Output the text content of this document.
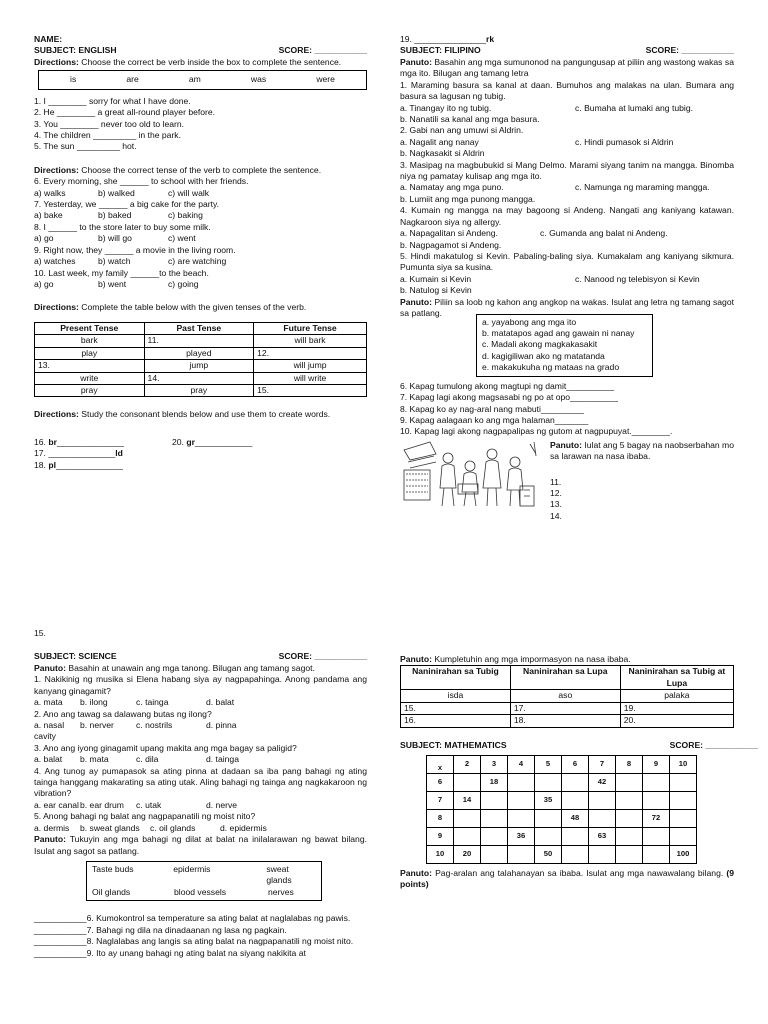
NAME:

SUBJECT: ENGLISH	SCORE: ___________

Directions: Choose the correct be verb inside the box to complete the sentence.

is	are	am	was	were

1. I ________ sorry for what I have done.

2. He ________ a great all-round player before.

3. You ________ never too old to learn.

4. The children _________ in the park.

5. The sun _________ hot.

Directions: Choose the correct tense of the verb to complete the sentence.

6. Every morning, she ______ to school with her friends.

a) walks	b) walked	c) will walk

7. Yesterday, we ______ a big cake for the party.

a) bake	b) baked	c) baking

8. I ______ to the store later to buy some milk.

a) go	b) will go	c) went

9. Right now, they ______ a movie in the living room.

a) watches	b) watch	c) are watching

10. Last week, my family ______to the beach.

a) go	b) went	c) going

Directions: Complete the table below with the given tenses of the verb.

Present Tense	Past Tense	Future Tense
bark	11.	will bark
play	played	12.
13.	jump	will jump
write	14.	will write
pray	pray	15.

Directions: Study the consonant blends below and use them to create words.

16. br______________	20. gr____________

17. ______________ld

18. pl______________

19. _______________rk

SUBJECT: FILIPINO	SCORE: ___________

Panuto: Basahin ang mga sumunonod na pangungusap at piliin ang wastong wakas sa mga ito. Bilugan ang tamang letra

1. Maraming basura sa kanal at daan. Bumuhos ang malakas na ulan. Bumara ang basura sa lagusan ng tubig.

a. Tinangay ito ng tubig.	c. Bumaha at lumaki ang tubig.

b. Nanatili sa kanal ang mga basura.

2. Gabi nan ang umuwi si Aldrin.

a. Nagalit ang nanay	c. Hindi pumasok si Aldrin

b. Nagkasakit si Aldrin

3. Masipag na magbubukid si Mang Delmo. Marami siyang tanim na mangga. Binomba niya ng pamatay kulisap ang mga ito.

a. Namatay ang mga puno.	c. Namunga ng maraming mangga.

b. Lumiit ang mga punong mangga.

4. Kumain ng mangga na may bagoong si Andeng. Nangati ang kaniyang katawan. Nagkaroon siya ng allergy.

a. Napagalitan si Andeng.	c. Gumanda ang balat ni Andeng.

b. Nagpagamot si Andeng.

5. Hindi makatulog si Kevin. Pabaling-baling siya. Kumakalam ang kaniyang sikmura. Pumunta siya sa kusina.

a. Kumain si Kevin	c. Nanood ng telebisyon si Kevin

b. Natulog si Kevin

Panuto: Piliin sa loob ng kahon ang angkop na wakas. Isulat ang letra ng tamang sagot sa patlang.

a. yayabong ang mga ito

b. matatapos agad ang gawain ni nanay

c. Madali akong magkakasakit

d. kagigiliwan ako ng matatanda

e. makakukuha ng mataas na grado

6. Kapag tumulong akong magtupi ng damit__________

7. Kapag lagi akong magsasabi ng po at opo__________

8. Kapag ko ay nag-aral nang mabuti_________

9. Kapag aalagaan ko ang mga halaman_______

10. Kapag lagi akong nagpapalipas ng gutom at nagpupuyat.________.

Panuto: Iulat ang 5 bagay na naobserbahan mo sa larawan na nasa ibaba.

11.

12.

13.

14.

15.

SUBJECT: SCIENCE	SCORE: ___________

Panuto: Basahin at unawain ang mga tanong. Bilugan ang tamang sagot.

1. Nakikinig ng musika si Elena habang siya ay nagpapahinga. Anong pandama ang kanyang ginagamit?

a. mata	b. ilong	c. tainga	d. balat

2. Ano ang tawag sa dalawang butas ng ilong?

a. nasal cavity
b. nerver	c. nostrils	d. pinna

3. Ano ang iyong ginagamit upang makita ang mga bagay sa paligid?

a. balat	b. mata	c. dila	d. tainga

4. Ang tunog ay pumapasok sa ating pinna at dadaan sa iba pang bahagi ng ating tainga hanggang makarating sa ating utak. Aling bahagi ng tainga ang nagkakaroon ng vibration?

a. ear canal b. ear drum	c. utak	d. nerve

5. Anong bahagi ng balat ang nagpapanatili ng moist nito?

a. dermis	b. sweat glands	c. oil glands	d. epidermis

Panuto: Tukuyin ang mga bahagi ng dilat at balat na inilalarawan ng bawat bilang. Isulat ang sagot sa patlang.

Taste buds	epidermis	sweat glands
Oil glands	blood vessels	nerves

___________6. Kumokontrol sa temperature sa ating balat at naglalabas ng pawis.

___________7. Bahagi ng dila na dinadaanan ng lasa ng pagkain.

___________8. Naglalabas ang langis sa ating balat na nagpapanatili ng moist nito.

___________9. Ito ay unang bahagi ng ating balat na siyang nakikita at

Panuto: Kumpletuhin ang mga impormasyon na nasa ibaba.

Naninirahan sa Tubig	Naninirahan sa Lupa	Naninirahan sa Tubig at Lupa
isda	aso	palaka
15.	17.	19.
16.	18.	20.
SUBJECT: MATHEMATICS	SCORE: ___________
x	2	3	4	5	6	7	8	9	10
6		18				42			
7	14			35					
8					48			72	
9			36			63			
10	20			50					100

Panuto: Pag-aralan ang talahanayan sa ibaba. Isulat ang mga nawawalang bilang. (9 points)
